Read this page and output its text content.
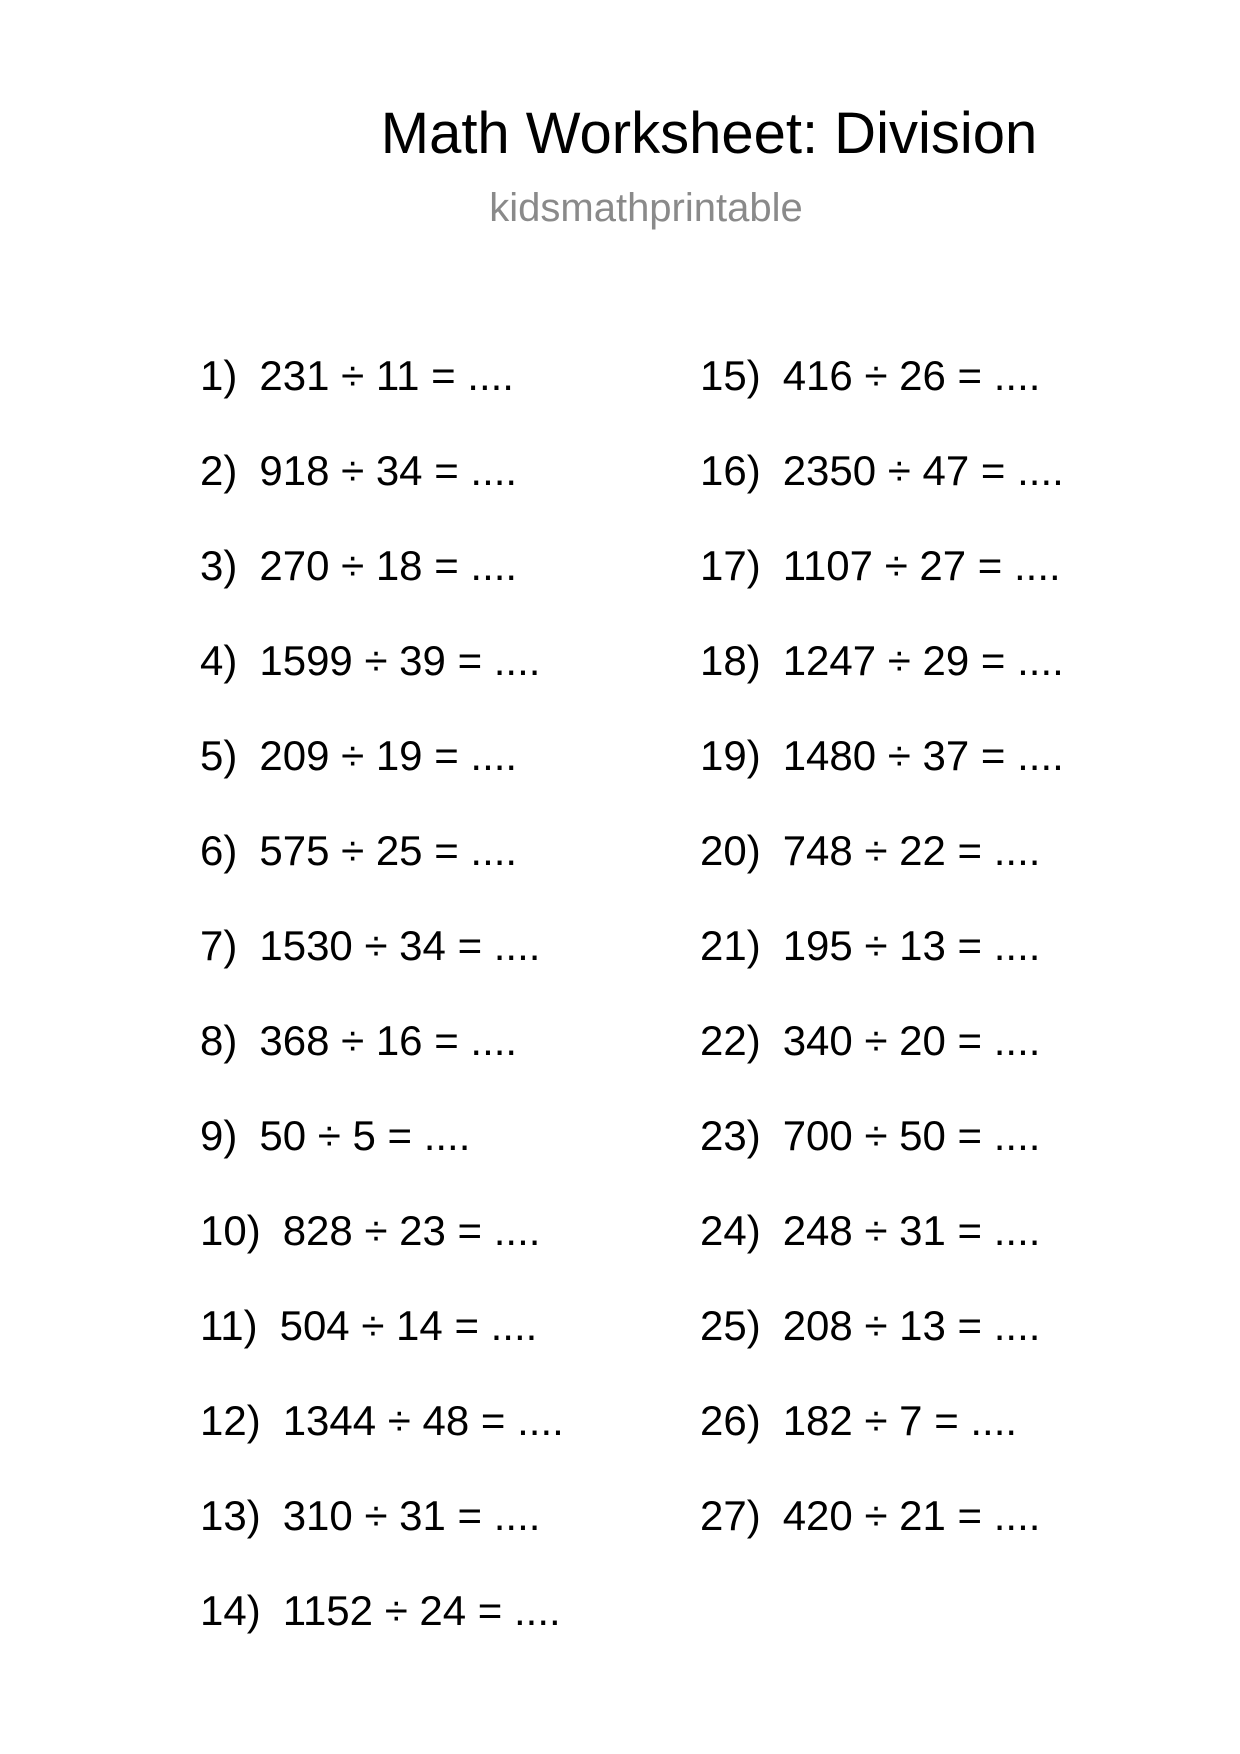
Math Worksheet: Division
kidsmathprintable
1) 231 ÷ 11 = ....
2) 918 ÷ 34 = ....
3) 270 ÷ 18 = ....
4) 1599 ÷ 39 = ....
5) 209 ÷ 19 = ....
6) 575 ÷ 25 = ....
7) 1530 ÷ 34 = ....
8) 368 ÷ 16 = ....
9) 50 ÷ 5 = ....
10) 828 ÷ 23 = ....
11) 504 ÷ 14 = ....
12) 1344 ÷ 48 = ....
13) 310 ÷ 31 = ....
14) 1152 ÷ 24 = ....
15) 416 ÷ 26 = ....
16) 2350 ÷ 47 = ....
17) 1107 ÷ 27 = ....
18) 1247 ÷ 29 = ....
19) 1480 ÷ 37 = ....
20) 748 ÷ 22 = ....
21) 195 ÷ 13 = ....
22) 340 ÷ 20 = ....
23) 700 ÷ 50 = ....
24) 248 ÷ 31 = ....
25) 208 ÷ 13 = ....
26) 182 ÷ 7 = ....
27) 420 ÷ 21 = ....
